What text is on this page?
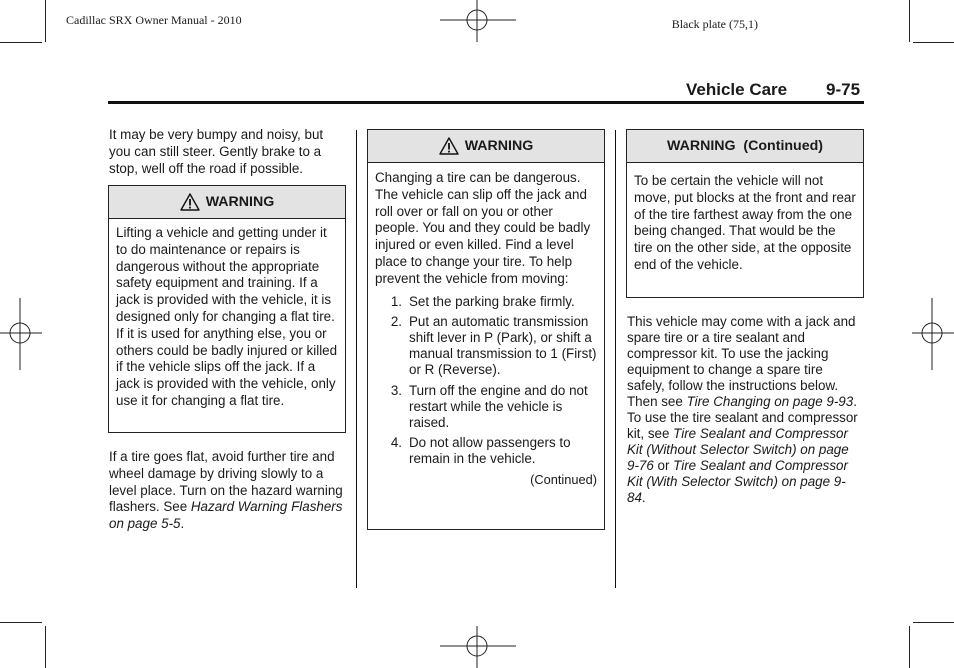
Cadillac SRX Owner Manual - 2010	Black plate (75,1)
Vehicle Care 9-75

It may be very bumpy and noisy, but you can still steer. Gently brake to a stop, well off the road if possible.

WARNING
Lifting a vehicle and getting under it to do maintenance or repairs is dangerous without the appropriate safety equipment and training. If a jack is provided with the vehicle, it is designed only for changing a flat tire. If it is used for anything else, you or others could be badly injured or killed if the vehicle slips off the jack. If a jack is provided with the vehicle, only use it for changing a flat tire.

If a tire goes flat, avoid further tire and wheel damage by driving slowly to a level place. Turn on the hazard warning flashers. See Hazard Warning Flashers on page 5-5.

WARNING
Changing a tire can be dangerous. The vehicle can slip off the jack and roll over or fall on you or other people. You and they could be badly injured or even killed. Find a level place to change your tire. To help prevent the vehicle from moving:
1. Set the parking brake firmly.
2. Put an automatic transmission shift lever in P (Park), or shift a manual transmission to 1 (First) or R (Reverse).
3. Turn off the engine and do not restart while the vehicle is raised.
4. Do not allow passengers to remain in the vehicle.
(Continued)
WARNING  (Continued)
To be certain the vehicle will not move, put blocks at the front and rear of the tire farthest away from the one being changed. That would be the tire on the other side, at the opposite end of the vehicle.

This vehicle may come with a jack and spare tire or a tire sealant and compressor kit. To use the jacking equipment to change a spare tire safely, follow the instructions below. Then see Tire Changing on page 9-93. To use the tire sealant and compressor kit, see Tire Sealant and Compressor Kit (Without Selector Switch) on page 9-76 or Tire Sealant and Compressor Kit (With Selector Switch) on page 9-84.
